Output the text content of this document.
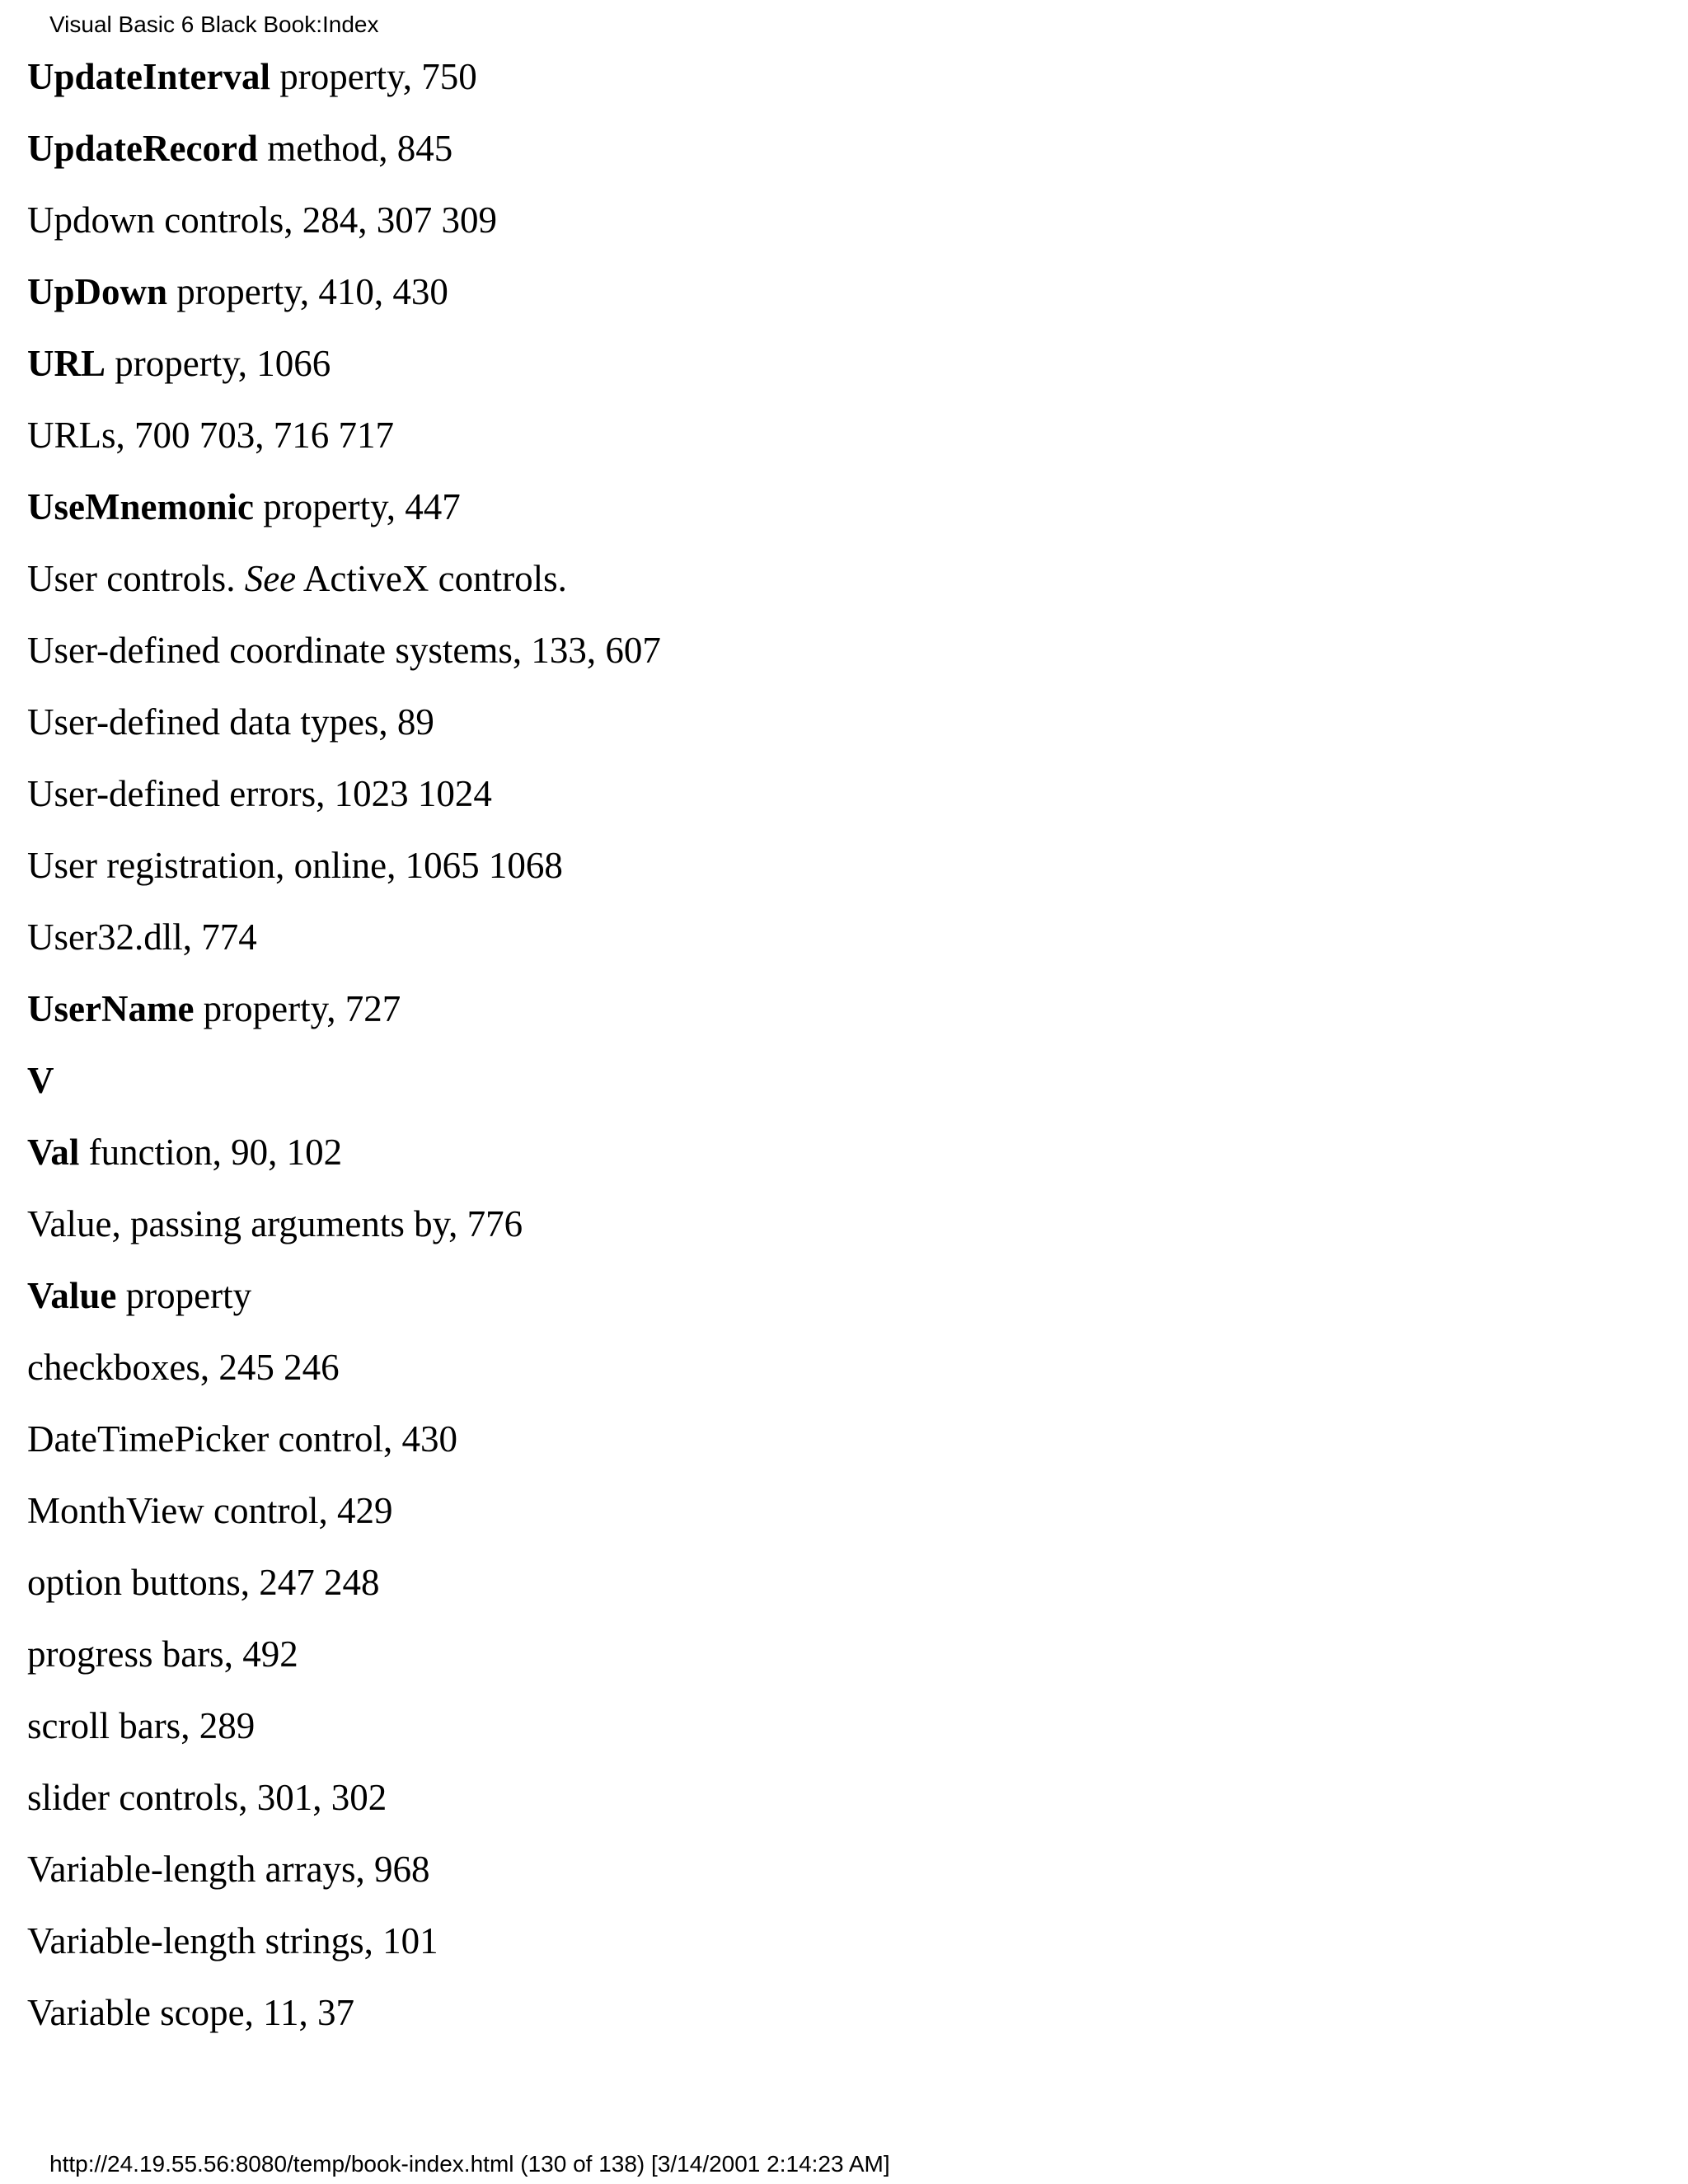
Visual Basic 6 Black Book:Index
UpdateInterval property, 750
UpdateRecord method, 845
Updown controls, 284, 307 309
UpDown property, 410, 430
URL property, 1066
URLs, 700 703, 716 717
UseMnemonic property, 447
User controls. See ActiveX controls.
User-defined coordinate systems, 133, 607
User-defined data types, 89
User-defined errors, 1023 1024
User registration, online, 1065 1068
User32.dll, 774
UserName property, 727
V
Val function, 90, 102
Value, passing arguments by, 776
Value property
checkboxes, 245 246
DateTimePicker control, 430
MonthView control, 429
option buttons, 247 248
progress bars, 492
scroll bars, 289
slider controls, 301, 302
Variable-length arrays, 968
Variable-length strings, 101
Variable scope, 11, 37
http://24.19.55.56:8080/temp/book-index.html (130 of 138) [3/14/2001 2:14:23 AM]
